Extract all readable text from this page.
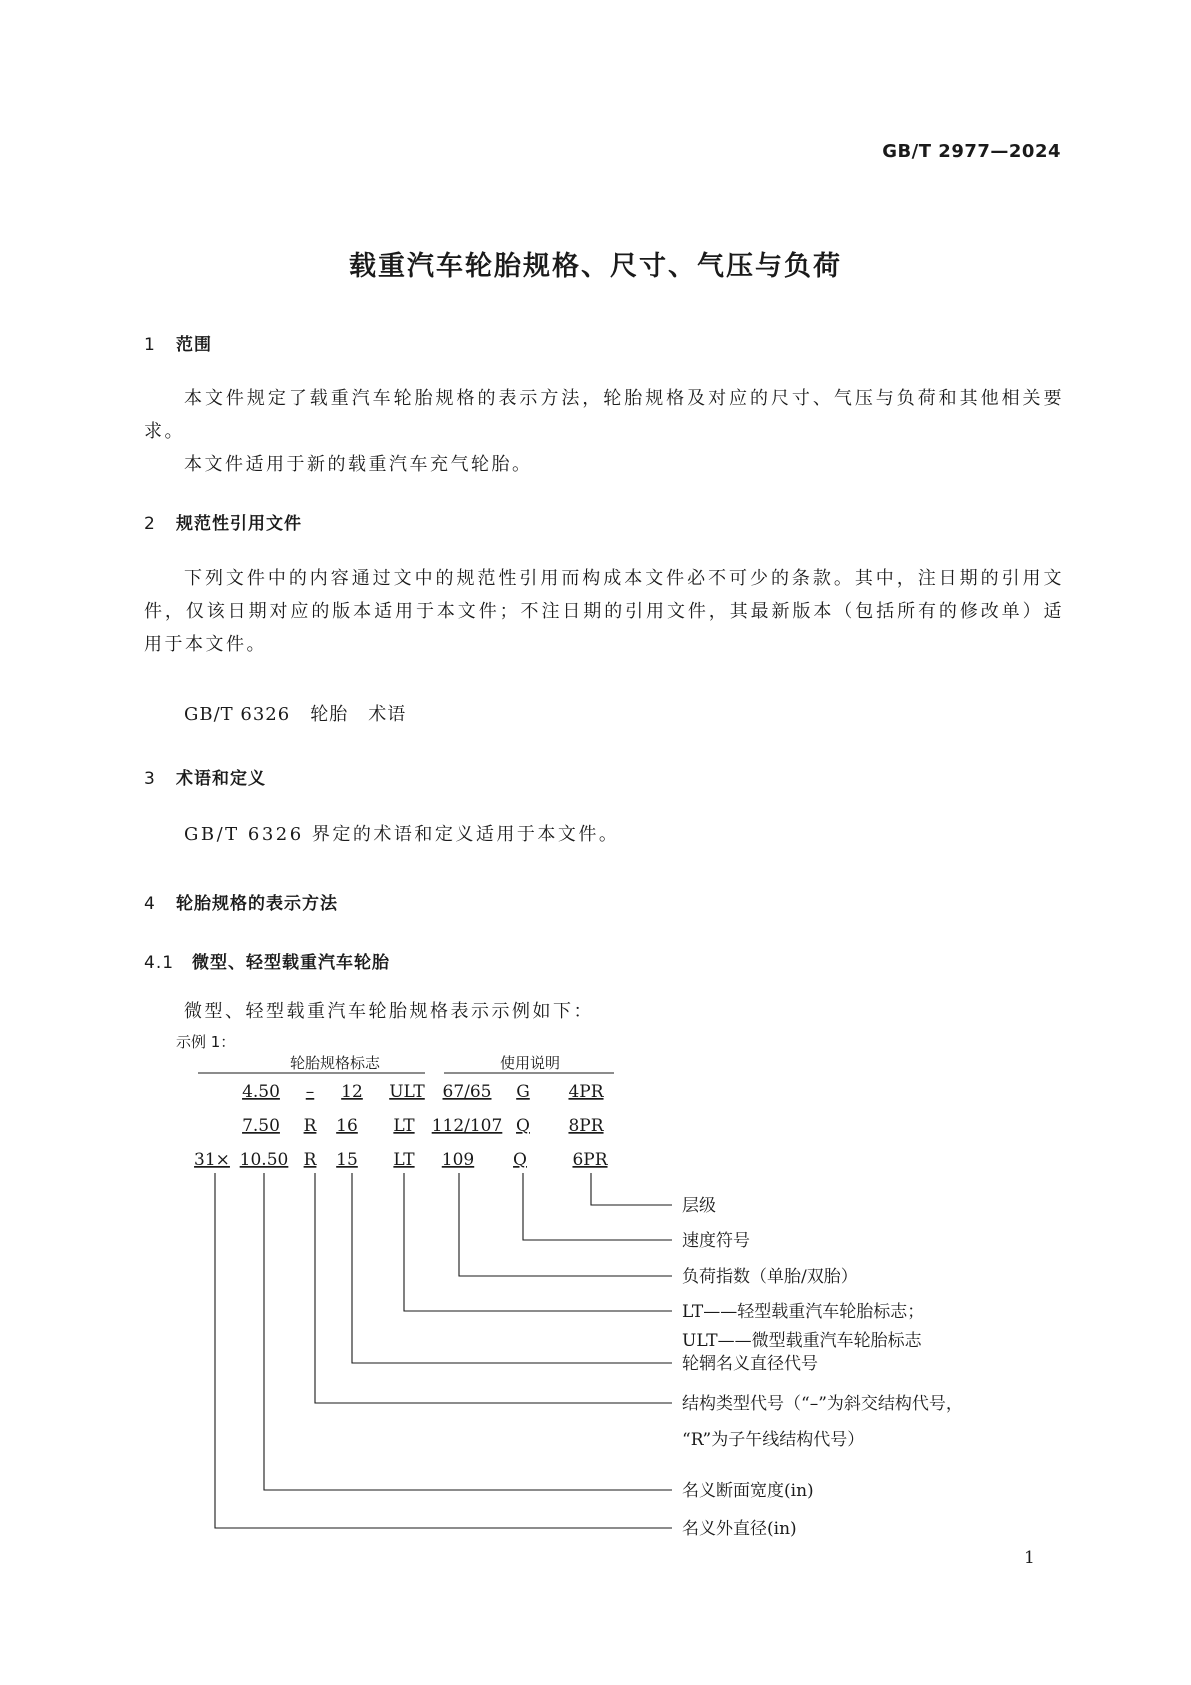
GB/T 2977—2024
载重汽车轮胎规格、尺寸、气压与负荷
1 范围

本文件规定了载重汽车轮胎规格的表示方法，轮胎规格及对应的尺寸、气压与负荷和其他相关要求。

本文件适用于新的载重汽车充气轮胎。

2 规范性引用文件

下列文件中的内容通过文中的规范性引用而构成本文件必不可少的条款。其中，注日期的引用文件，仅该日期对应的版本适用于本文件；不注日期的引用文件，其最新版本（包括所有的修改单）适用于本文件。

GB/T 6326 轮胎 术语
3 术语和定义

GB/T 6326 界定的术语和定义适用于本文件。

4 轮胎规格的表示方法
4.1 微型、轻型载重汽车轮胎

微型、轻型载重汽车轮胎规格表示示例如下：

示例 1：
轮胎规格标志	使用说明
4.50 – 12 ULT 67/65 G 4PR
7.50 R 16 LT 112/107 Q 8PR
31× 10.50 R 15 LT 109 Q	6PR
层级
速度符号
负荷指数（单胎/双胎）
LT——轻型载重汽车轮胎标志；
ULT——微型载重汽车轮胎标志
轮辋名义直径代号
结构类型代号（“–”为斜交结构代号，
“R”为子午线结构代号）
名义断面宽度(in)
名义外直径(in)
1
